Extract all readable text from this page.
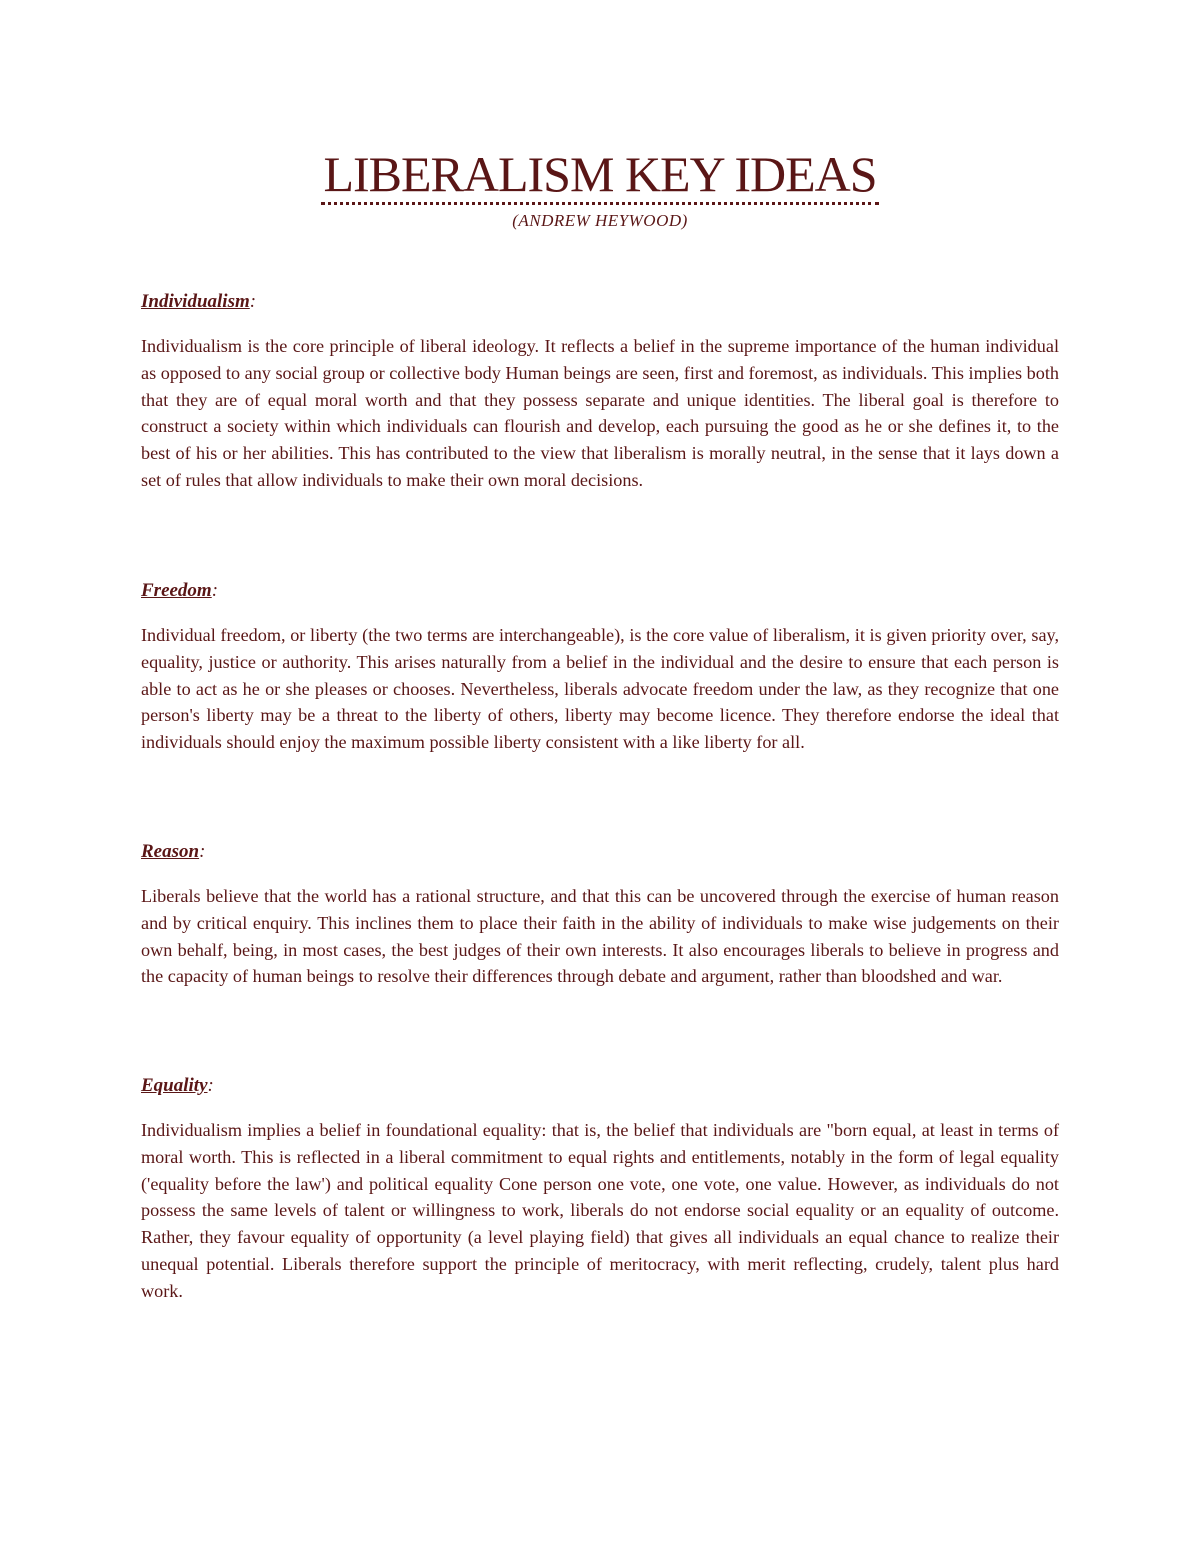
LIBERALISM KEY IDEAS
(ANDREW HEYWOOD)

Individualism:

Individualism is the core principle of liberal ideology. It reflects a belief in the supreme importance of the human individual as opposed to any social group or collective body Human beings are seen, first and foremost, as individuals. This implies both that they are of equal moral worth and that they possess separate and unique identities. The liberal goal is therefore to construct a society within which individuals can flourish and develop, each pursuing the good as he or she defines it, to the best of his or her abilities. This has contributed to the view that liberalism is morally neutral, in the sense that it lays down a set of rules that allow individuals to make their own moral decisions.

Freedom:

Individual freedom, or liberty (the two terms are interchangeable), is the core value of liberalism, it is given priority over, say, equality, justice or authority. This arises naturally from a belief in the individual and the desire to ensure that each person is able to act as he or she pleases or chooses. Nevertheless, liberals advocate freedom under the law, as they recognize that one person's liberty may be a threat to the liberty of others, liberty may become licence. They therefore endorse the ideal that individuals should enjoy the maximum possible liberty consistent with a like liberty for all.

Reason:

Liberals believe that the world has a rational structure, and that this can be uncovered through the exercise of human reason and by critical enquiry. This inclines them to place their faith in the ability of individuals to make wise judgements on their own behalf, being, in most cases, the best judges of their own interests. It also encourages liberals to believe in progress and the capacity of human beings to resolve their differences through debate and argument, rather than bloodshed and war.

Equality:

Individualism implies a belief in foundational equality: that is, the belief that individuals are "born equal, at least in terms of moral worth. This is reflected in a liberal commitment to equal rights and entitlements, notably in the form of legal equality ('equality before the law') and political equality Cone person one vote, one vote, one value. However, as individuals do not possess the same levels of talent or willingness to work, liberals do not endorse social equality or an equality of outcome. Rather, they favour equality of opportunity (a level playing field) that gives all individuals an equal chance to realize their unequal potential. Liberals therefore support the principle of meritocracy, with merit reflecting, crudely, talent plus hard work.
